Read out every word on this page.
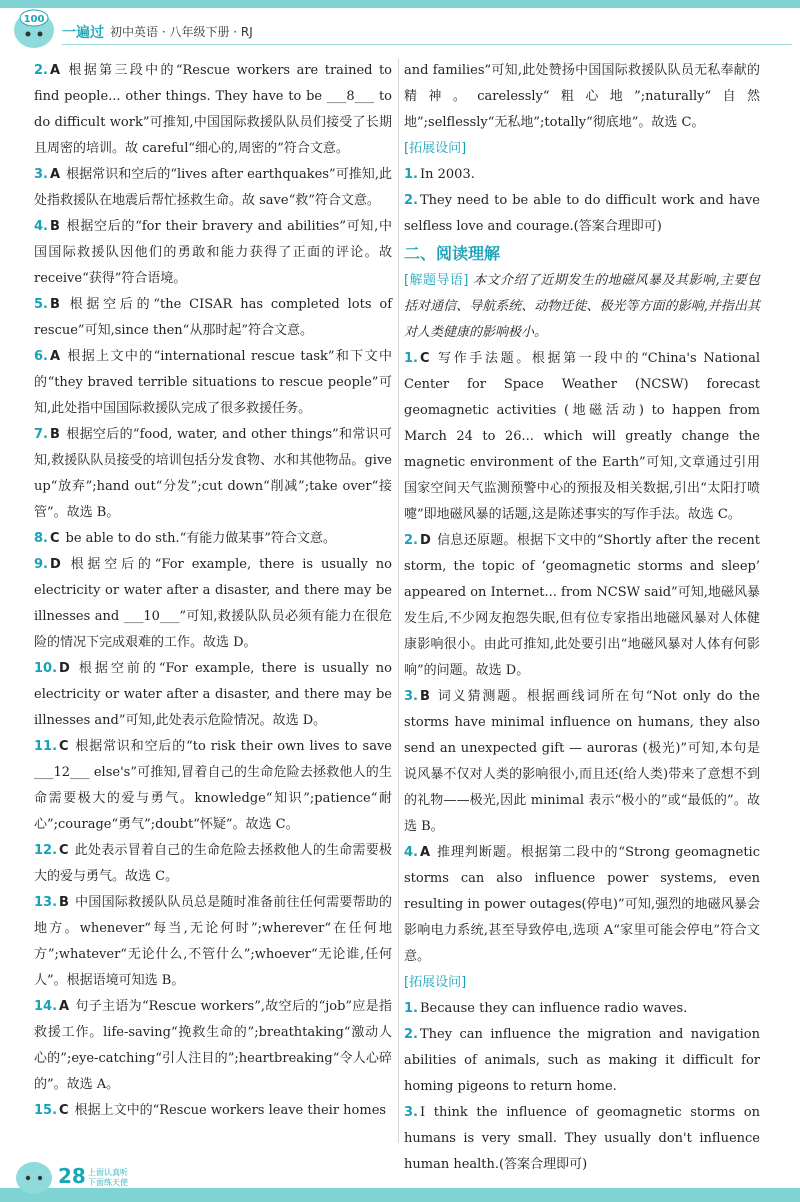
100
一遍过 初中英语 · 八年级下册 · RJ

2. A 根据第三段中的“Rescue workers are trained to find people... other things. They have to be ___8___ to do difficult work”可推知,中国国际救援队队员们接受了长期且周密的培训。故 careful“细心的,周密的”符合文意。

3. A 根据常识和空后的“lives after earthquakes”可推知,此处指救援队在地震后帮忙拯救生命。故 save“救”符合文意。

4. B 根据空后的“for their bravery and abilities”可知,中国国际救援队因他们的勇敢和能力获得了正面的评论。故 receive“获得”符合语境。

5. B 根据空后的“the CISAR has completed lots of rescue”可知,since then“从那时起”符合文意。

6. A 根据上文中的“international rescue task”和下文中的“they braved terrible situations to rescue people”可知,此处指中国国际救援队完成了很多救援任务。

7. B 根据空后的“food, water, and other things”和常识可知,救援队队员接受的培训包括分发食物、水和其他物品。give up“放弃”;hand out“分发”;cut down“削减”;take over“接管”。故选 B。

8. C be able to do sth.“有能力做某事”符合文意。

9. D 根据空后的“For example, there is usually no electricity or water after a disaster, and there may be illnesses and ___10___”可知,救援队队员必须有能力在很危险的情况下完成艰难的工作。故选 D。

10. D 根据空前的“For example, there is usually no electricity or water after a disaster, and there may be illnesses and”可知,此处表示危险情况。故选 D。

11. C 根据常识和空后的“to risk their own lives to save ___12___ else's”可推知,冒着自己的生命危险去拯救他人的生命需要极大的爱与勇气。knowledge“知识”;patience“耐心”;courage“勇气”;doubt“怀疑”。故选 C。

12. C 此处表示冒着自己的生命危险去拯救他人的生命需要极大的爱与勇气。故选 C。

13. B 中国国际救援队队员总是随时准备前往任何需要帮助的地方。whenever“每当,无论何时”;wherever“在任何地方”;whatever“无论什么,不管什么”;whoever“无论谁,任何人”。根据语境可知选 B。

14. A 句子主语为“Rescue workers”,故空后的“job”应是指救援工作。life-saving“挽救生命的”;breathtaking“激动人心的”;eye-catching“引人注目的”;heartbreaking“令人心碎的”。故选 A。

15. C 根据上文中的“Rescue workers leave their homes

and families”可知,此处赞扬中国国际救援队队员无私奉献的精神。carelessly“粗心地”;naturally“自然地”;selflessly“无私地”;totally“彻底地”。故选 C。

[拓展设问]

1. In 2003.

2. They need to be able to do difficult work and have selfless love and courage.(答案合理即可)

二、阅读理解

[解题导语] 本文介绍了近期发生的地磁风暴及其影响,主要包括对通信、导航系统、动物迁徙、极光等方面的影响,并指出其对人类健康的影响极小。

1. C 写作手法题。根据第一段中的“China's National Center for Space Weather (NCSW) forecast geomagnetic activities (地磁活动) to happen from March 24 to 26... which will greatly change the magnetic environment of the Earth”可知,文章通过引用国家空间天气监测预警中心的预报及相关数据,引出“太阳打喷嚏”即地磁风暴的话题,这是陈述事实的写作手法。故选 C。

2. D 信息还原题。根据下文中的“Shortly after the recent storm, the topic of ‘geomagnetic storms and sleep’ appeared on Internet... from NCSW said”可知,地磁风暴发生后,不少网友抱怨失眠,但有位专家指出地磁风暴对人体健康影响很小。由此可推知,此处要引出“地磁风暴对人体有何影响”的问题。故选 D。

3. B 词义猜测题。根据画线词所在句“Not only do the storms have minimal influence on humans, they also send an unexpected gift — auroras (极光)”可知,本句是说风暴不仅对人类的影响很小,而且还(给人类)带来了意想不到的礼物——极光,因此 minimal 表示“极小的”或“最低的”。故选 B。

4. A 推理判断题。根据第二段中的“Strong geomagnetic storms can also influence power systems, even resulting in power outages(停电)”可知,强烈的地磁风暴会影响电力系统,甚至导致停电,选项 A“家里可能会停电”符合文意。

[拓展设问]

1. Because they can influence radio waves.

2. They can influence the migration and navigation abilities of animals, such as making it difficult for homing pigeons to return home.

3. I think the influence of geomagnetic storms on humans is very small. They usually don't influence human health.(答案合理即可)

28 上面认真听
下面练天使
